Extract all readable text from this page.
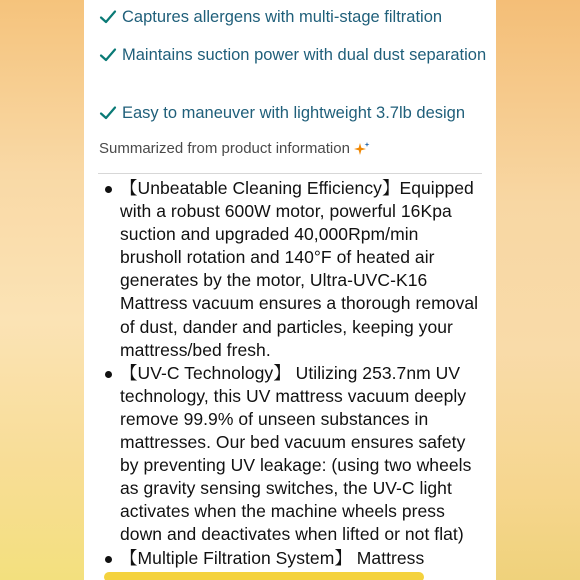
Captures allergens with multi-stage filtration
Maintains suction power with dual dust separation
Easy to maneuver with lightweight 3.7lb design
Summarized from product information
【Unbeatable Cleaning Efficiency】Equipped with a robust 600W motor, powerful 16Kpa suction and upgraded 40,000Rpm/min brusholl rotation and 140°F of heated air generates by the motor, Ultra-UVC-K16 Mattress vacuum ensures a thorough removal of dust, dander and particles, keeping your mattress/bed fresh.
【UV-C Technology】 Utilizing 253.7nm UV technology, this UV mattress vacuum deeply remove 99.9% of unseen substances in mattresses. Our bed vacuum ensures safety by preventing UV leakage: (using two wheels as gravity sensing switches, the UV-C light activates when the machine wheels press down and deactivates when lifted or not flat)
【Multiple Filtration System】 Mattress
